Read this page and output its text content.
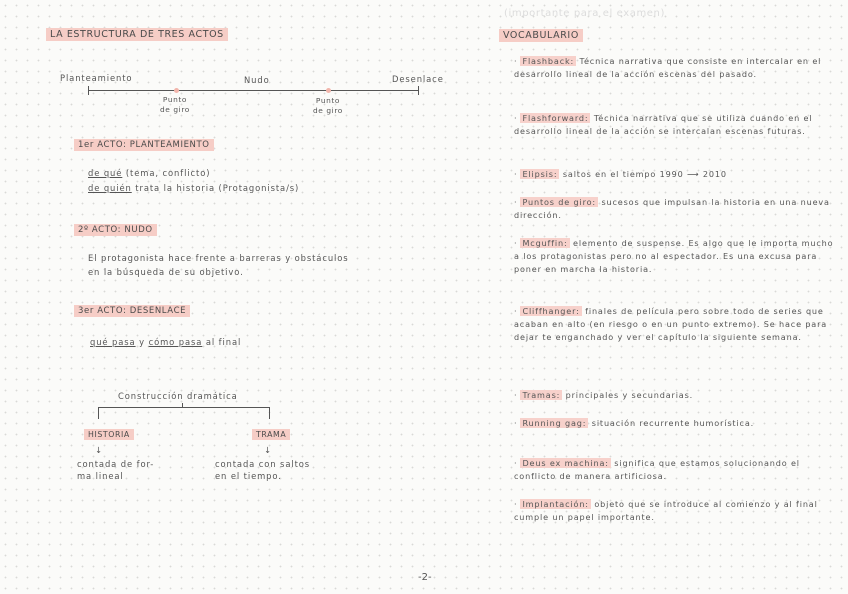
LA ESTRUCTURA DE TRES ACTOS
Planteamiento	Nudo	Desenlace
Punto
de giro
Punto
de giro
1er ACTO: PLANTEAMIENTO
de qué (tema, conflicto)
de quién trata la historia (Protagonista/s)
2º ACTO: NUDO
El protagonista hace frente a barreras y obstáculos
en la búsqueda de su objetivo.
3er ACTO: DESENLACE
qué pasa y cómo pasa al final
Construcción dramática
HISTORIA	TRAMA
↓	↓
contada de for-
ma lineal
contada con saltos
en el tiempo.
(importante para el examen)
VOCABULARIO
· Flashback: Técnica narrativa que consiste en intercalar en el desarrollo lineal de la acción escenas del pasado.
· Flashforward: Técnica narrativa que se utiliza cuando en el desarrollo lineal de la acción se intercalan escenas futuras.
· Elipsis: saltos en el tiempo 1990 ⟶ 2010
· Puntos de giro: sucesos que impulsan la historia en una nueva dirección.
· Mcguffin: elemento de suspense. Es algo que le importa mucho a los protagonistas pero no al espectador. Es una excusa para poner en marcha la historia.
· Cliffhanger: finales de película pero sobre todo de series que acaban en alto (en riesgo o en un punto extremo). Se hace para dejar te enganchado y ver el capítulo la siguiente semana.
· Tramas: principales y secundarias.
· Running gag: situación recurrente humorística.
· Deus ex machina: significa que estamos solucionando el conflicto de manera artificiosa.
· Implantación: objeto que se introduce al comienzo y al final cumple un papel importante.
-2-
